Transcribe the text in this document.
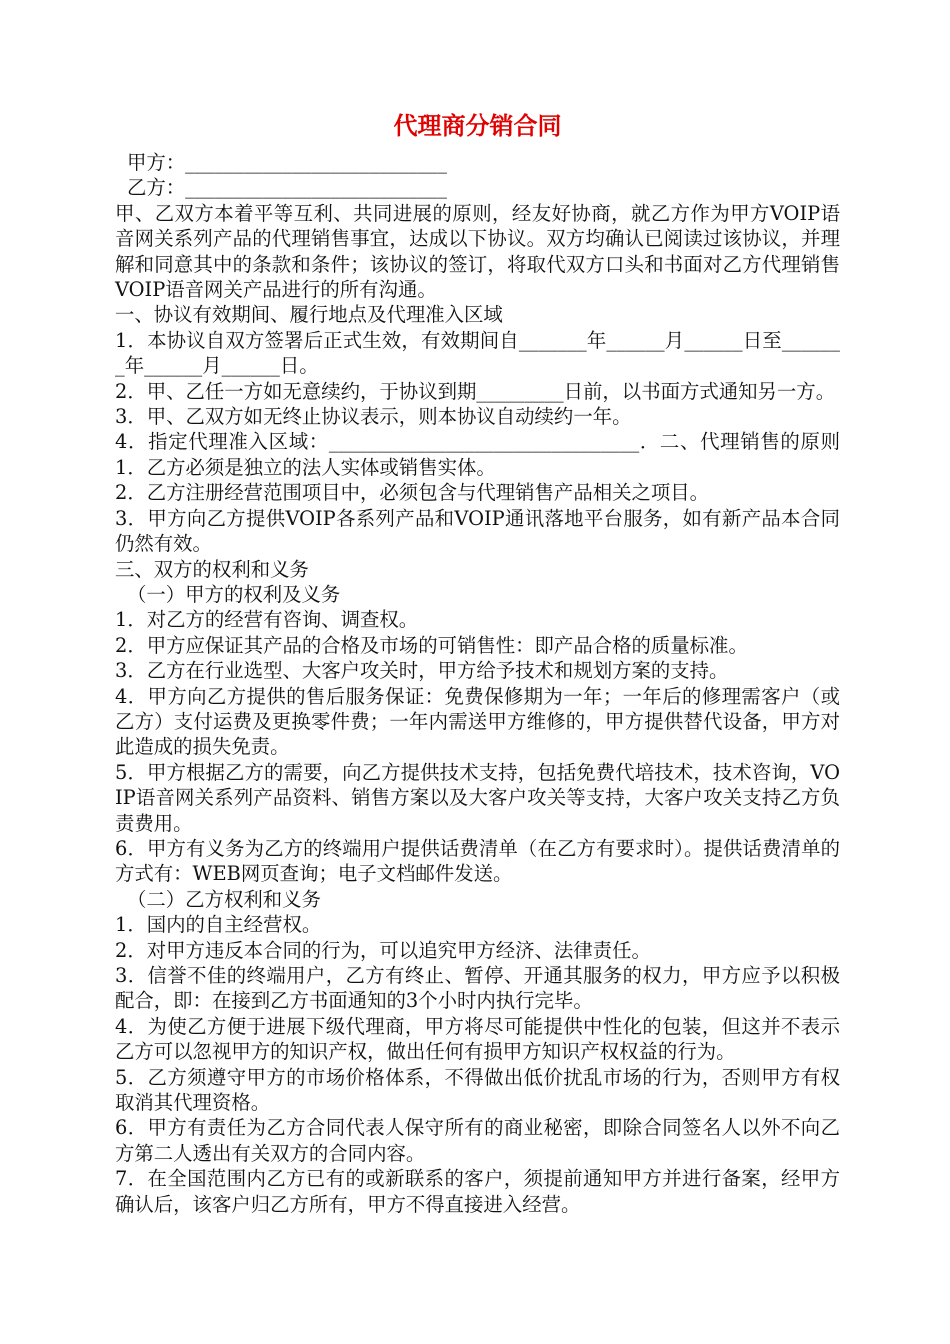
代理商分销合同

甲方：___________________________

乙方：___________________________

甲、乙双方本着平等互利、共同进展的原则，经友好协商，就乙方作为甲方VOIP语音网关系列产品的代理销售事宜，达成以下协议。双方均确认已阅读过该协议，并理解和同意其中的条款和条件；该协议的签订，将取代双方口头和书面对乙方代理销售VOIP语音网关产品进行的所有沟通。

一、协议有效期间、履行地点及代理准入区域

1．本协议自双方签署后正式生效，有效期间自_______年______月______日至_______年______月______日。

2．甲、乙任一方如无意续约，于协议到期_________日前，以书面方式通知另一方。

3．甲、乙双方如无终止协议表示，则本协议自动续约一年。

4．指定代理准入区域：________________________________．二、代理销售的原则1．乙方必须是独立的法人实体或销售实体。

2．乙方注册经营范围项目中，必须包含与代理销售产品相关之项目。

3．甲方向乙方提供VOIP各系列产品和VOIP通讯落地平台服务，如有新产品本合同仍然有效。

三、双方的权利和义务

（一）甲方的权利及义务

1．对乙方的经营有咨询、调查权。

2．甲方应保证其产品的合格及市场的可销售性：即产品合格的质量标准。

3．乙方在行业选型、大客户攻关时，甲方给予技术和规划方案的支持。

4．甲方向乙方提供的售后服务保证：免费保修期为一年；一年后的修理需客户（或乙方）支付运费及更换零件费；一年内需送甲方维修的，甲方提供替代设备，甲方对此造成的损失免责。

5．甲方根据乙方的需要，向乙方提供技术支持，包括免费代培技术，技术咨询，VOIP语音网关系列产品资料、销售方案以及大客户攻关等支持，大客户攻关支持乙方负责费用。

6．甲方有义务为乙方的终端用户提供话费清单（在乙方有要求时）。提供话费清单的方式有：WEB网页查询；电子文档邮件发送。

（二）乙方权利和义务

1．国内的自主经营权。

2．对甲方违反本合同的行为，可以追究甲方经济、法律责任。

3．信誉不佳的终端用户，乙方有终止、暂停、开通其服务的权力，甲方应予以积极配合，即：在接到乙方书面通知的3个小时内执行完毕。

4．为使乙方便于进展下级代理商，甲方将尽可能提供中性化的包装，但这并不表示乙方可以忽视甲方的知识产权，做出任何有损甲方知识产权权益的行为。

5．乙方须遵守甲方的市场价格体系，不得做出低价扰乱市场的行为，否则甲方有权取消其代理资格。

6．甲方有责任为乙方合同代表人保守所有的商业秘密，即除合同签名人以外不向乙方第二人透出有关双方的合同内容。

7．在全国范围内乙方已有的或新联系的客户，须提前通知甲方并进行备案，经甲方确认后，该客户归乙方所有，甲方不得直接进入经营。
